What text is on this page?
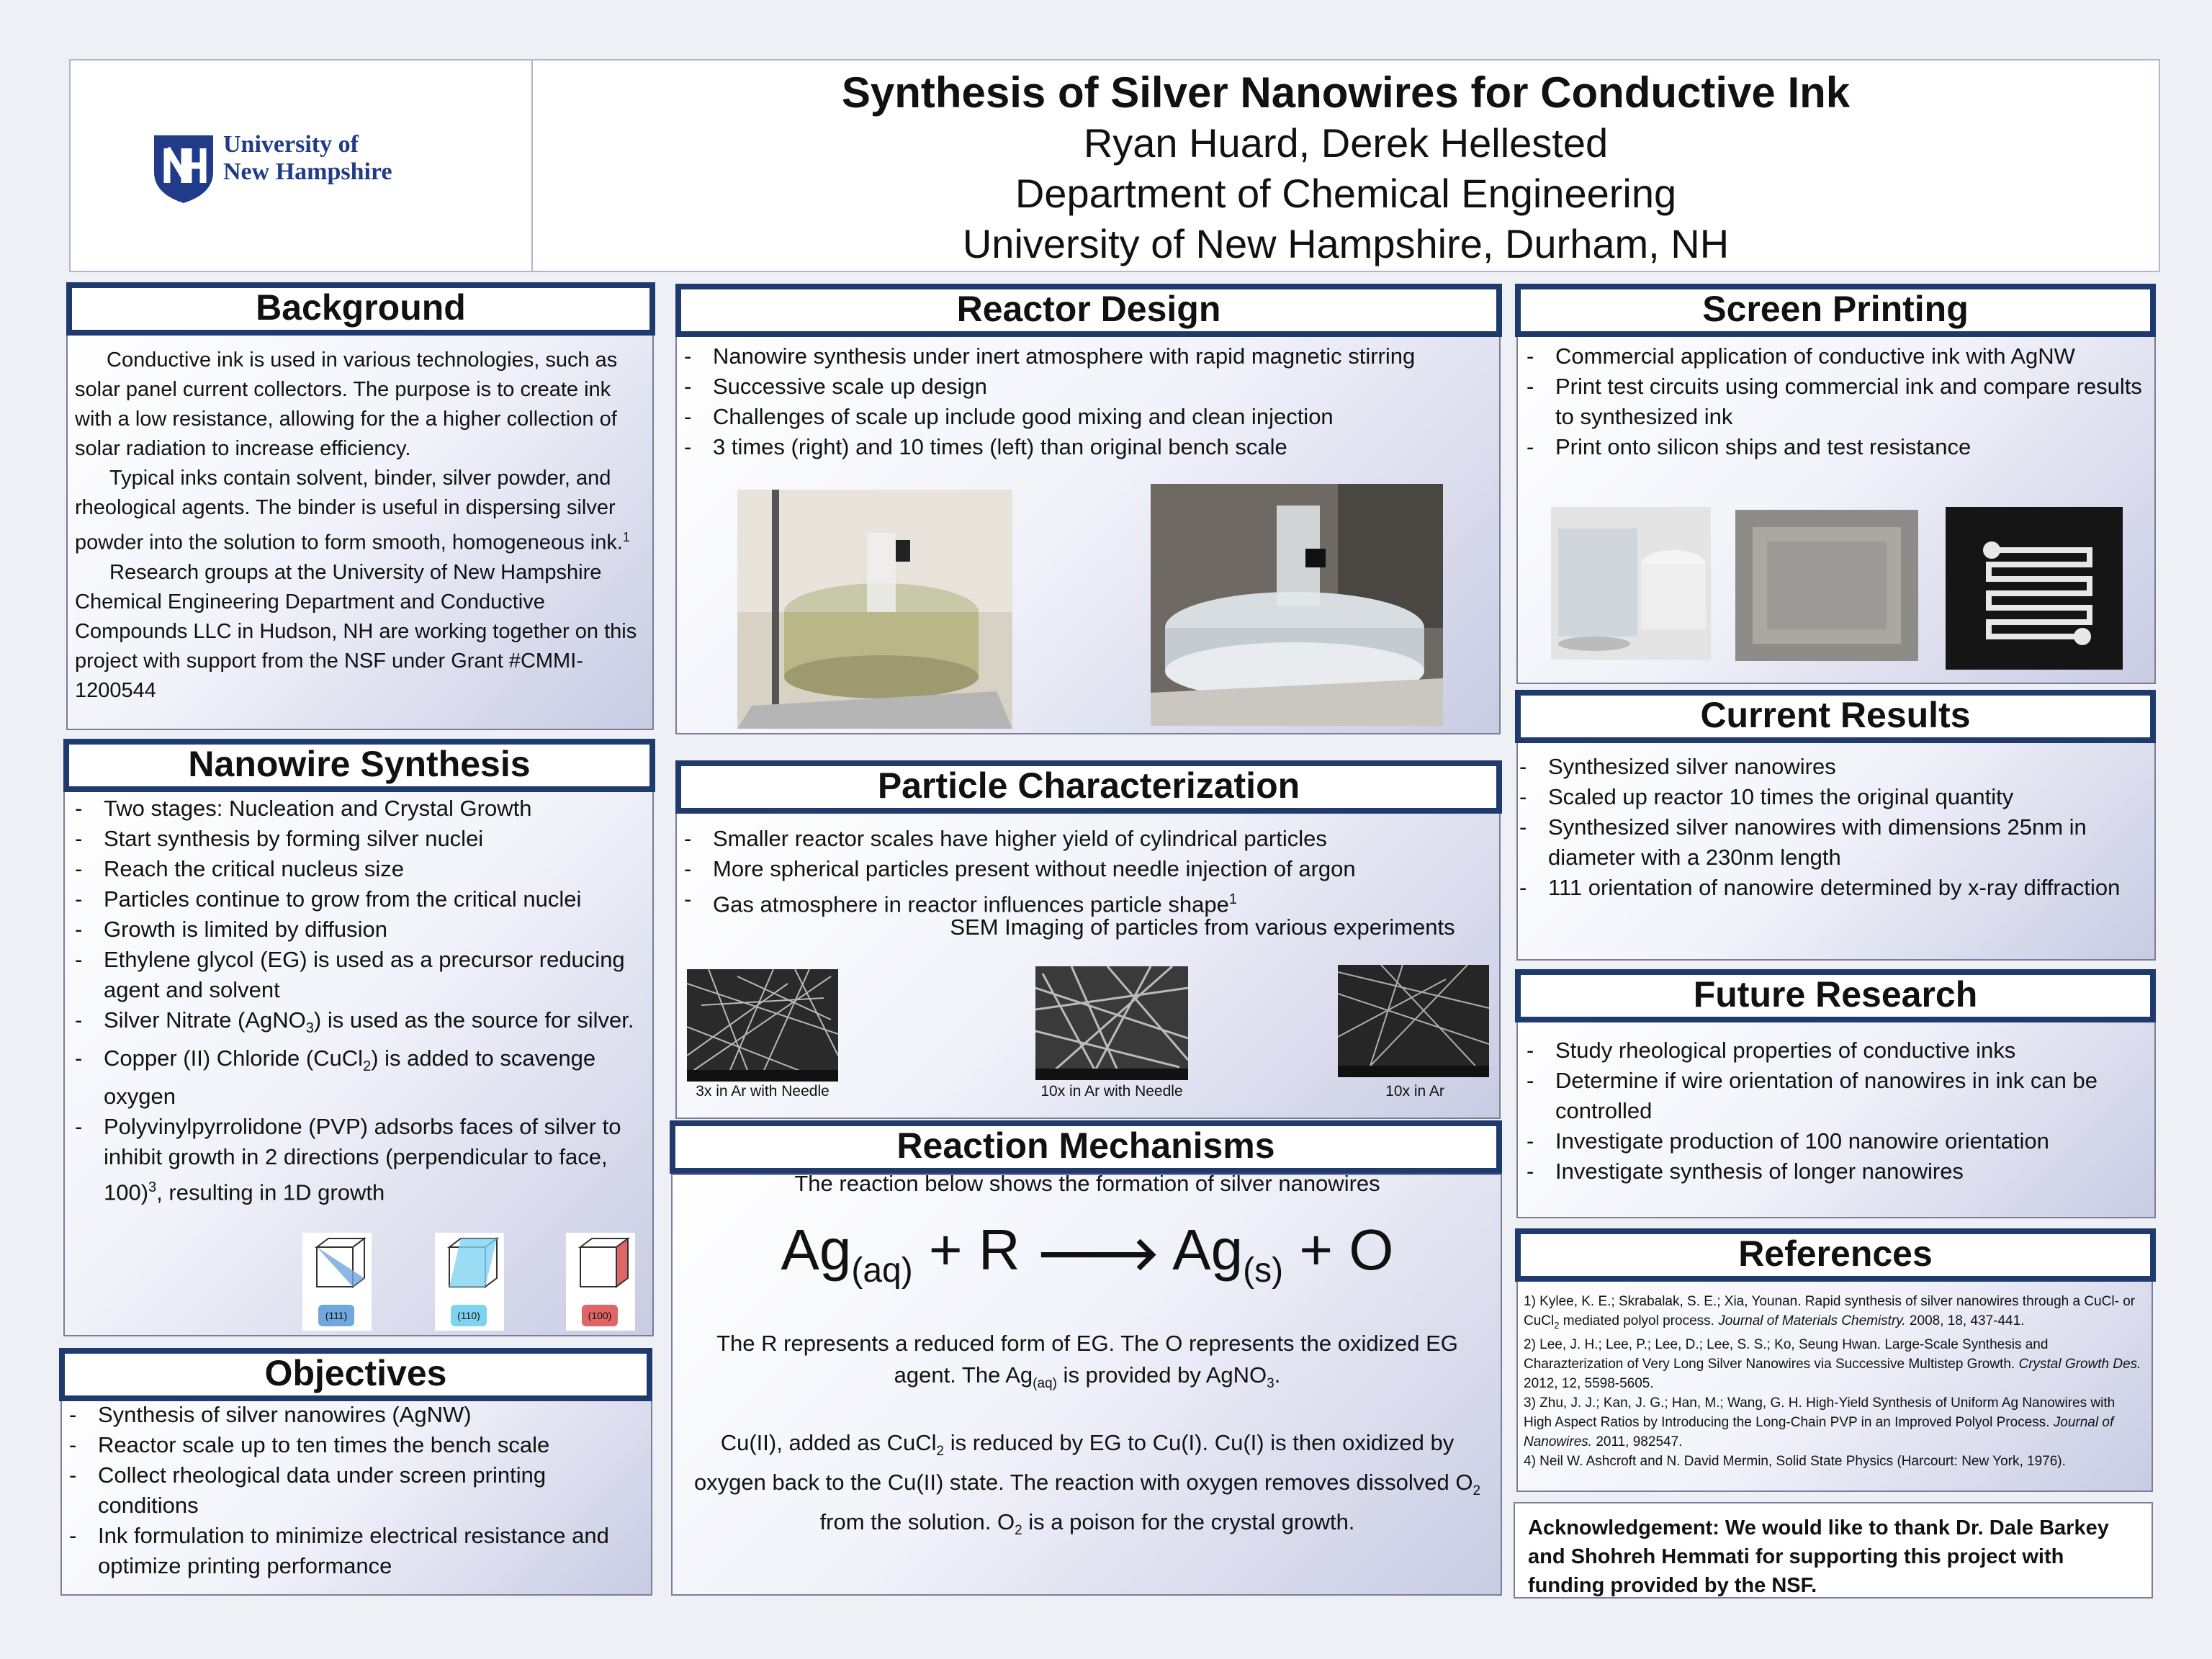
University of
New Hampshire
Synthesis of Silver Nanowires for Conductive Ink
Ryan Huard, Derek Hellested
Department of Chemical Engineering
University of New Hampshire, Durham, NH
Background
Conductive ink is used in various technologies, such as solar panel current collectors. The purpose is to create ink with a low resistance, allowing for the a higher collection of solar radiation to increase efficiency.
Typical inks contain solvent, binder, silver powder, and rheological agents. The binder is useful in dispersing silver powder into the solution to form smooth, homogeneous ink.$^1$
Research groups at the University of New Hampshire Chemical Engineering Department and Conductive Compounds LLC in Hudson, NH are working together on this project with support from the NSF under Grant #CMMI-1200544
Nanowire Synthesis
- Two stages: Nucleation and Crystal Growth
- Start synthesis by forming silver nuclei
- Reach the critical nucleus size
- Particles continue to grow from the critical nuclei
- Growth is limited by diffusion
- Ethylene glycol (EG) is used as a precursor reducing agent and solvent
- Silver Nitrate (AgNO$_3$) is used as the source for silver.
- Copper (II) Chloride (CuCl$_2$) is added to scavenge oxygen
- Polyvinylpyrrolidone (PVP) adsorbs faces of silver to inhibit growth in 2 directions (perpendicular to face, 100)$^3$, resulting in 1D growth
(111)	(110)	(100)
Objectives
- Synthesis of silver nanowires (AgNW)
- Reactor scale up to ten times the bench scale
- Collect rheological data under screen printing conditions
- Ink formulation to minimize electrical resistance and optimize printing performance
Reactor Design
- Nanowire synthesis under inert atmosphere with rapid magnetic stirring
- Successive scale up design
- Challenges of scale up include good mixing and clean injection
- 3 times (right) and 10 times (left) than original bench scale
Particle Characterization
- Smaller reactor scales have higher yield of cylindrical particles
- More spherical particles present without needle injection of argon
- Gas atmosphere in reactor influences particle shape$^1$
SEM Imaging of particles from various experiments
3x in Ar with Needle	10x in Ar with Needle	10x in Ar
Reaction Mechanisms
The reaction below shows the formation of silver nanowires
$Ag_{(aq)} + R$ 🡒 $Ag_{(s)} + O$
The R represents a reduced form of EG. The O represents the oxidized EG agent. The $Ag_{(aq)}$ is provided by AgNO$_3$.
Cu(II), added as CuCl$_2$ is reduced by EG to Cu(I). Cu(I) is then oxidized by oxygen back to the Cu(II) state. The reaction with oxygen removes dissolved $O_2$ from the solution. $O_2$ is a poison for the crystal growth.
Screen Printing
- Commercial application of conductive ink with AgNW
- Print test circuits using commercial ink and compare results to synthesized ink
- Print onto silicon ships and test resistance
Current Results
- Synthesized silver nanowires
- Scaled up reactor 10 times the original quantity
- Synthesized silver nanowires with dimensions 25nm in diameter with a 230nm length
- 111 orientation of nanowire determined by x-ray diffraction
Future Research
- Study rheological properties of conductive inks
- Determine if wire orientation of nanowires in ink can be controlled
- Investigate production of 100 nanowire orientation
- Investigate synthesis of longer nanowires
References
1) Kylee, K. E.; Skrabalak, S. E.; Xia, Younan. Rapid synthesis of silver nanowires through a CuCl- or CuCl$_2$ mediated polyol process. Journal of Materials Chemistry. 2008, 18, 437-441.
2) Lee, J. H.; Lee, P.; Lee, D.; Lee, S. S.; Ko, Seung Hwan. Large-Scale Synthesis and Charazterization of Very Long Silver Nanowires via Successive Multistep Growth. Crystal Growth Des. 2012, 12, 5598-5605.
3) Zhu, J. J.; Kan, J. G.; Han, M.; Wang, G. H. High-Yield Synthesis of Uniform Ag Nanowires with High Aspect Ratios by Introducing the Long-Chain PVP in an Improved Polyol Process. Journal of Nanowires. 2011, 982547.
4) Neil W. Ashcroft and N. David Mermin, Solid State Physics (Harcourt: New York, 1976).
Acknowledgement: We would like to thank Dr. Dale Barkey and Shohreh Hemmati for supporting this project with funding provided by the NSF.
